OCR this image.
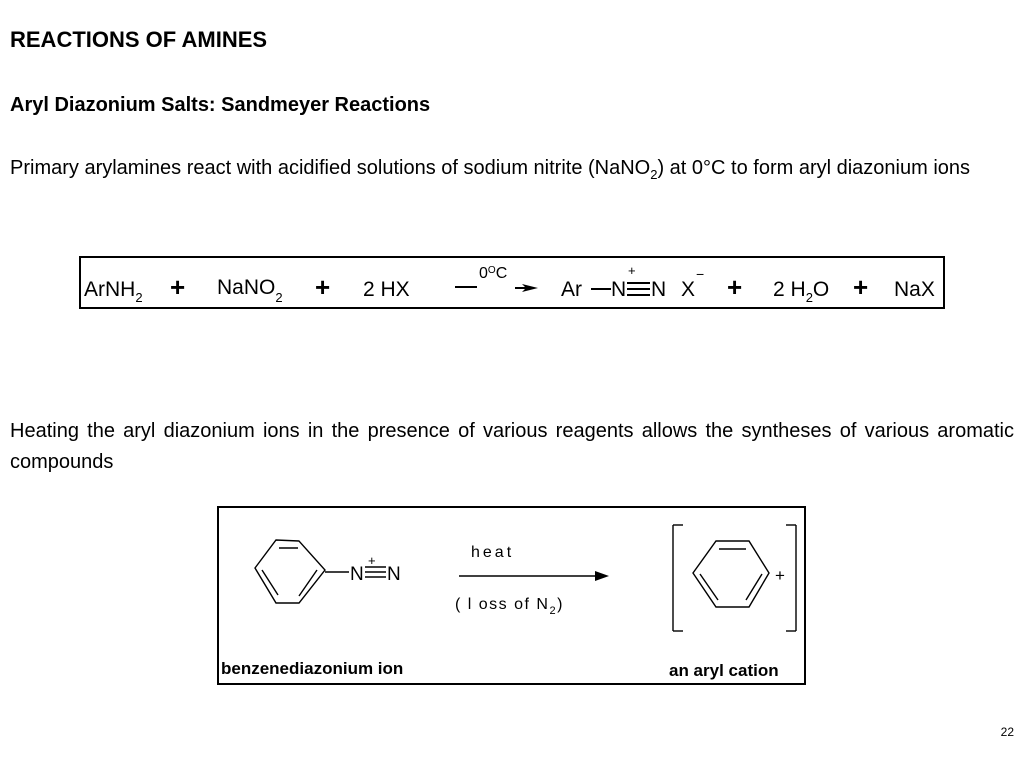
REACTIONS OF AMINES
Aryl Diazonium Salts: Sandmeyer Reactions

Primary arylamines react with acidified solutions of sodium nitrite (NaNO$_2$) at 0°C to form aryl diazonium ions

ArNH$_2$ + NaNO$_2$ + 2 HX
$0^OC$
Ar N
+
N X
− + 2 $H_2O$ + NaX

Heating the aryl diazonium ions in the presence of various reagents allows the syntheses of various aromatic compounds

N
+
N
heat
( l oss of $N_2$)
+
benzenediazonium ion	an aryl cation
22
